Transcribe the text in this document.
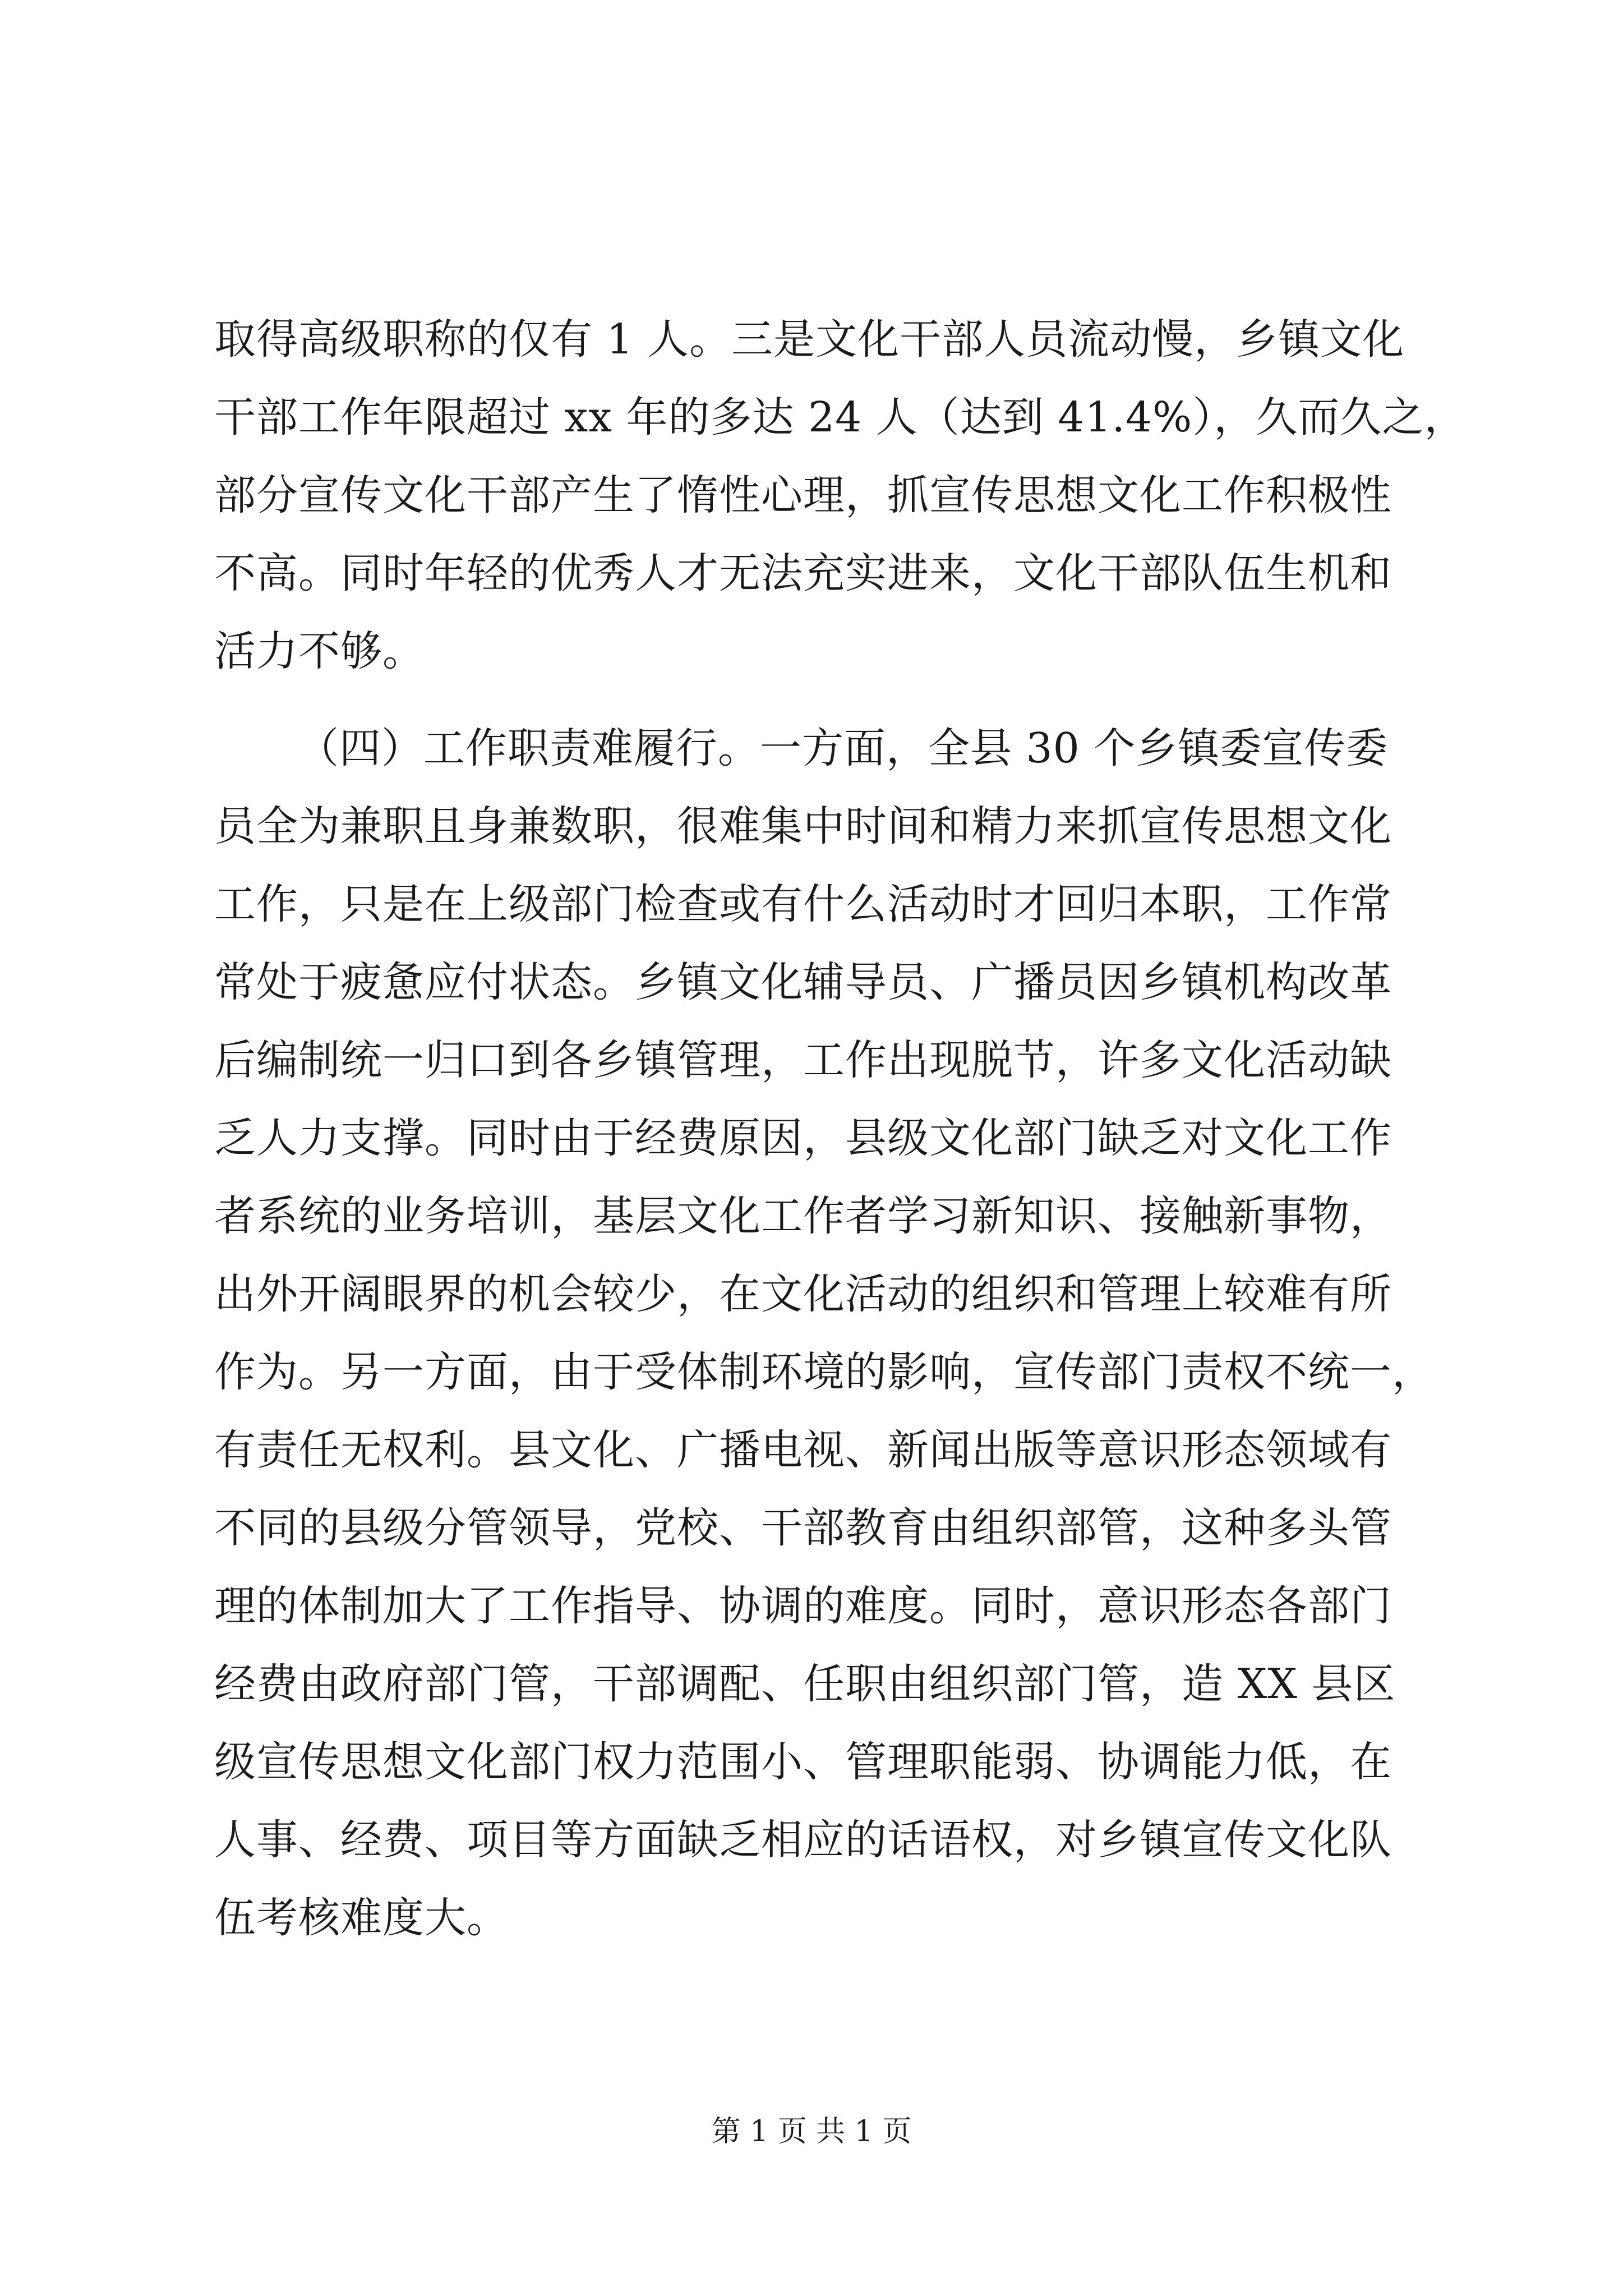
取得高级职称的仅有 1 人。三是文化干部人员流动慢，乡镇文化
干部工作年限超过 xx 年的多达 24 人（达到 41.4%），久而久之，
部分宣传文化干部产生了惰性心理，抓宣传思想文化工作积极性
不高。同时年轻的优秀人才无法充实进来，文化干部队伍生机和
活力不够。
（四）工作职责难履行。一方面，全县 30 个乡镇委宣传委
员全为兼职且身兼数职，很难集中时间和精力来抓宣传思想文化
工作，只是在上级部门检查或有什么活动时才回归本职，工作常
常处于疲惫应付状态。乡镇文化辅导员、广播员因乡镇机构改革
后编制统一归口到各乡镇管理，工作出现脱节，许多文化活动缺
乏人力支撑。同时由于经费原因，县级文化部门缺乏对文化工作
者系统的业务培训，基层文化工作者学习新知识、接触新事物，
出外开阔眼界的机会较少，在文化活动的组织和管理上较难有所
作为。另一方面，由于受体制环境的影响，宣传部门责权不统一，
有责任无权利。县文化、广播电视、新闻出版等意识形态领域有
不同的县级分管领导，党校、干部教育由组织部管，这种多头管
理的体制加大了工作指导、协调的难度。同时，意识形态各部门
经费由政府部门管，干部调配、任职由组织部门管，造 XX 县区
级宣传思想文化部门权力范围小、管理职能弱、协调能力低，在
人事、经费、项目等方面缺乏相应的话语权，对乡镇宣传文化队
伍考核难度大。
第 1 页 共 1 页
